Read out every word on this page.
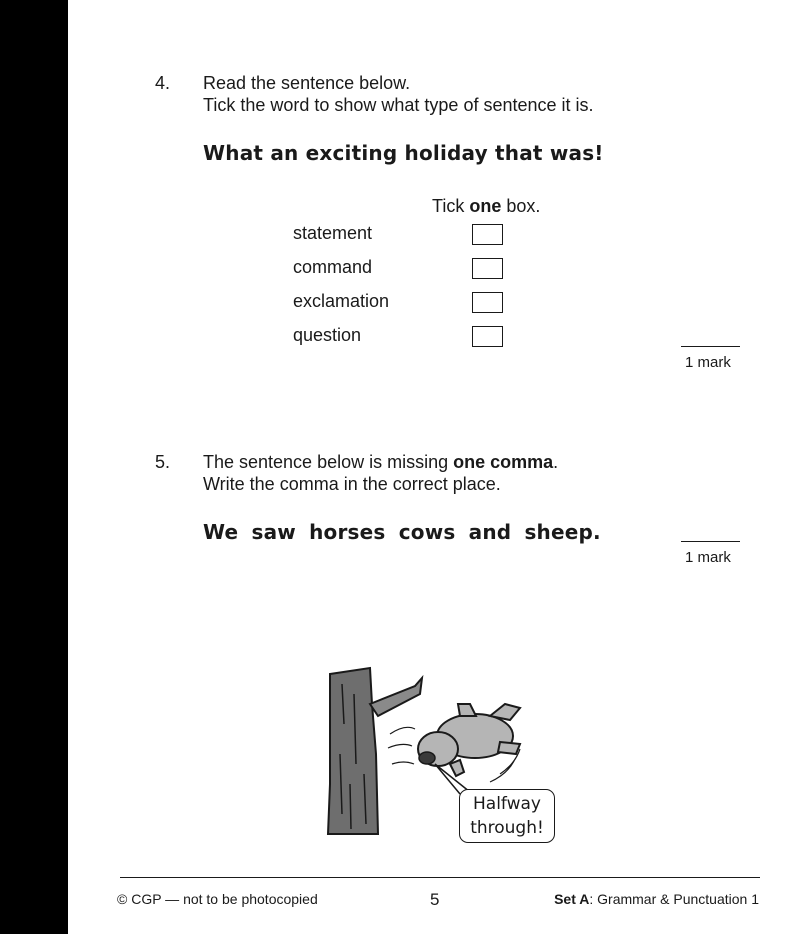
4. Read the sentence below.
Tick the word to show what type of sentence it is.
What an exciting holiday that was!
Tick one box.
statement
command
exclamation
question
1 mark
5. The sentence below is missing one comma.
Write the comma in the correct place.
We saw horses cows and sheep.
1 mark
Halfway
through!
© CGP — not to be photocopied	5	Set A: Grammar & Punctuation 1
